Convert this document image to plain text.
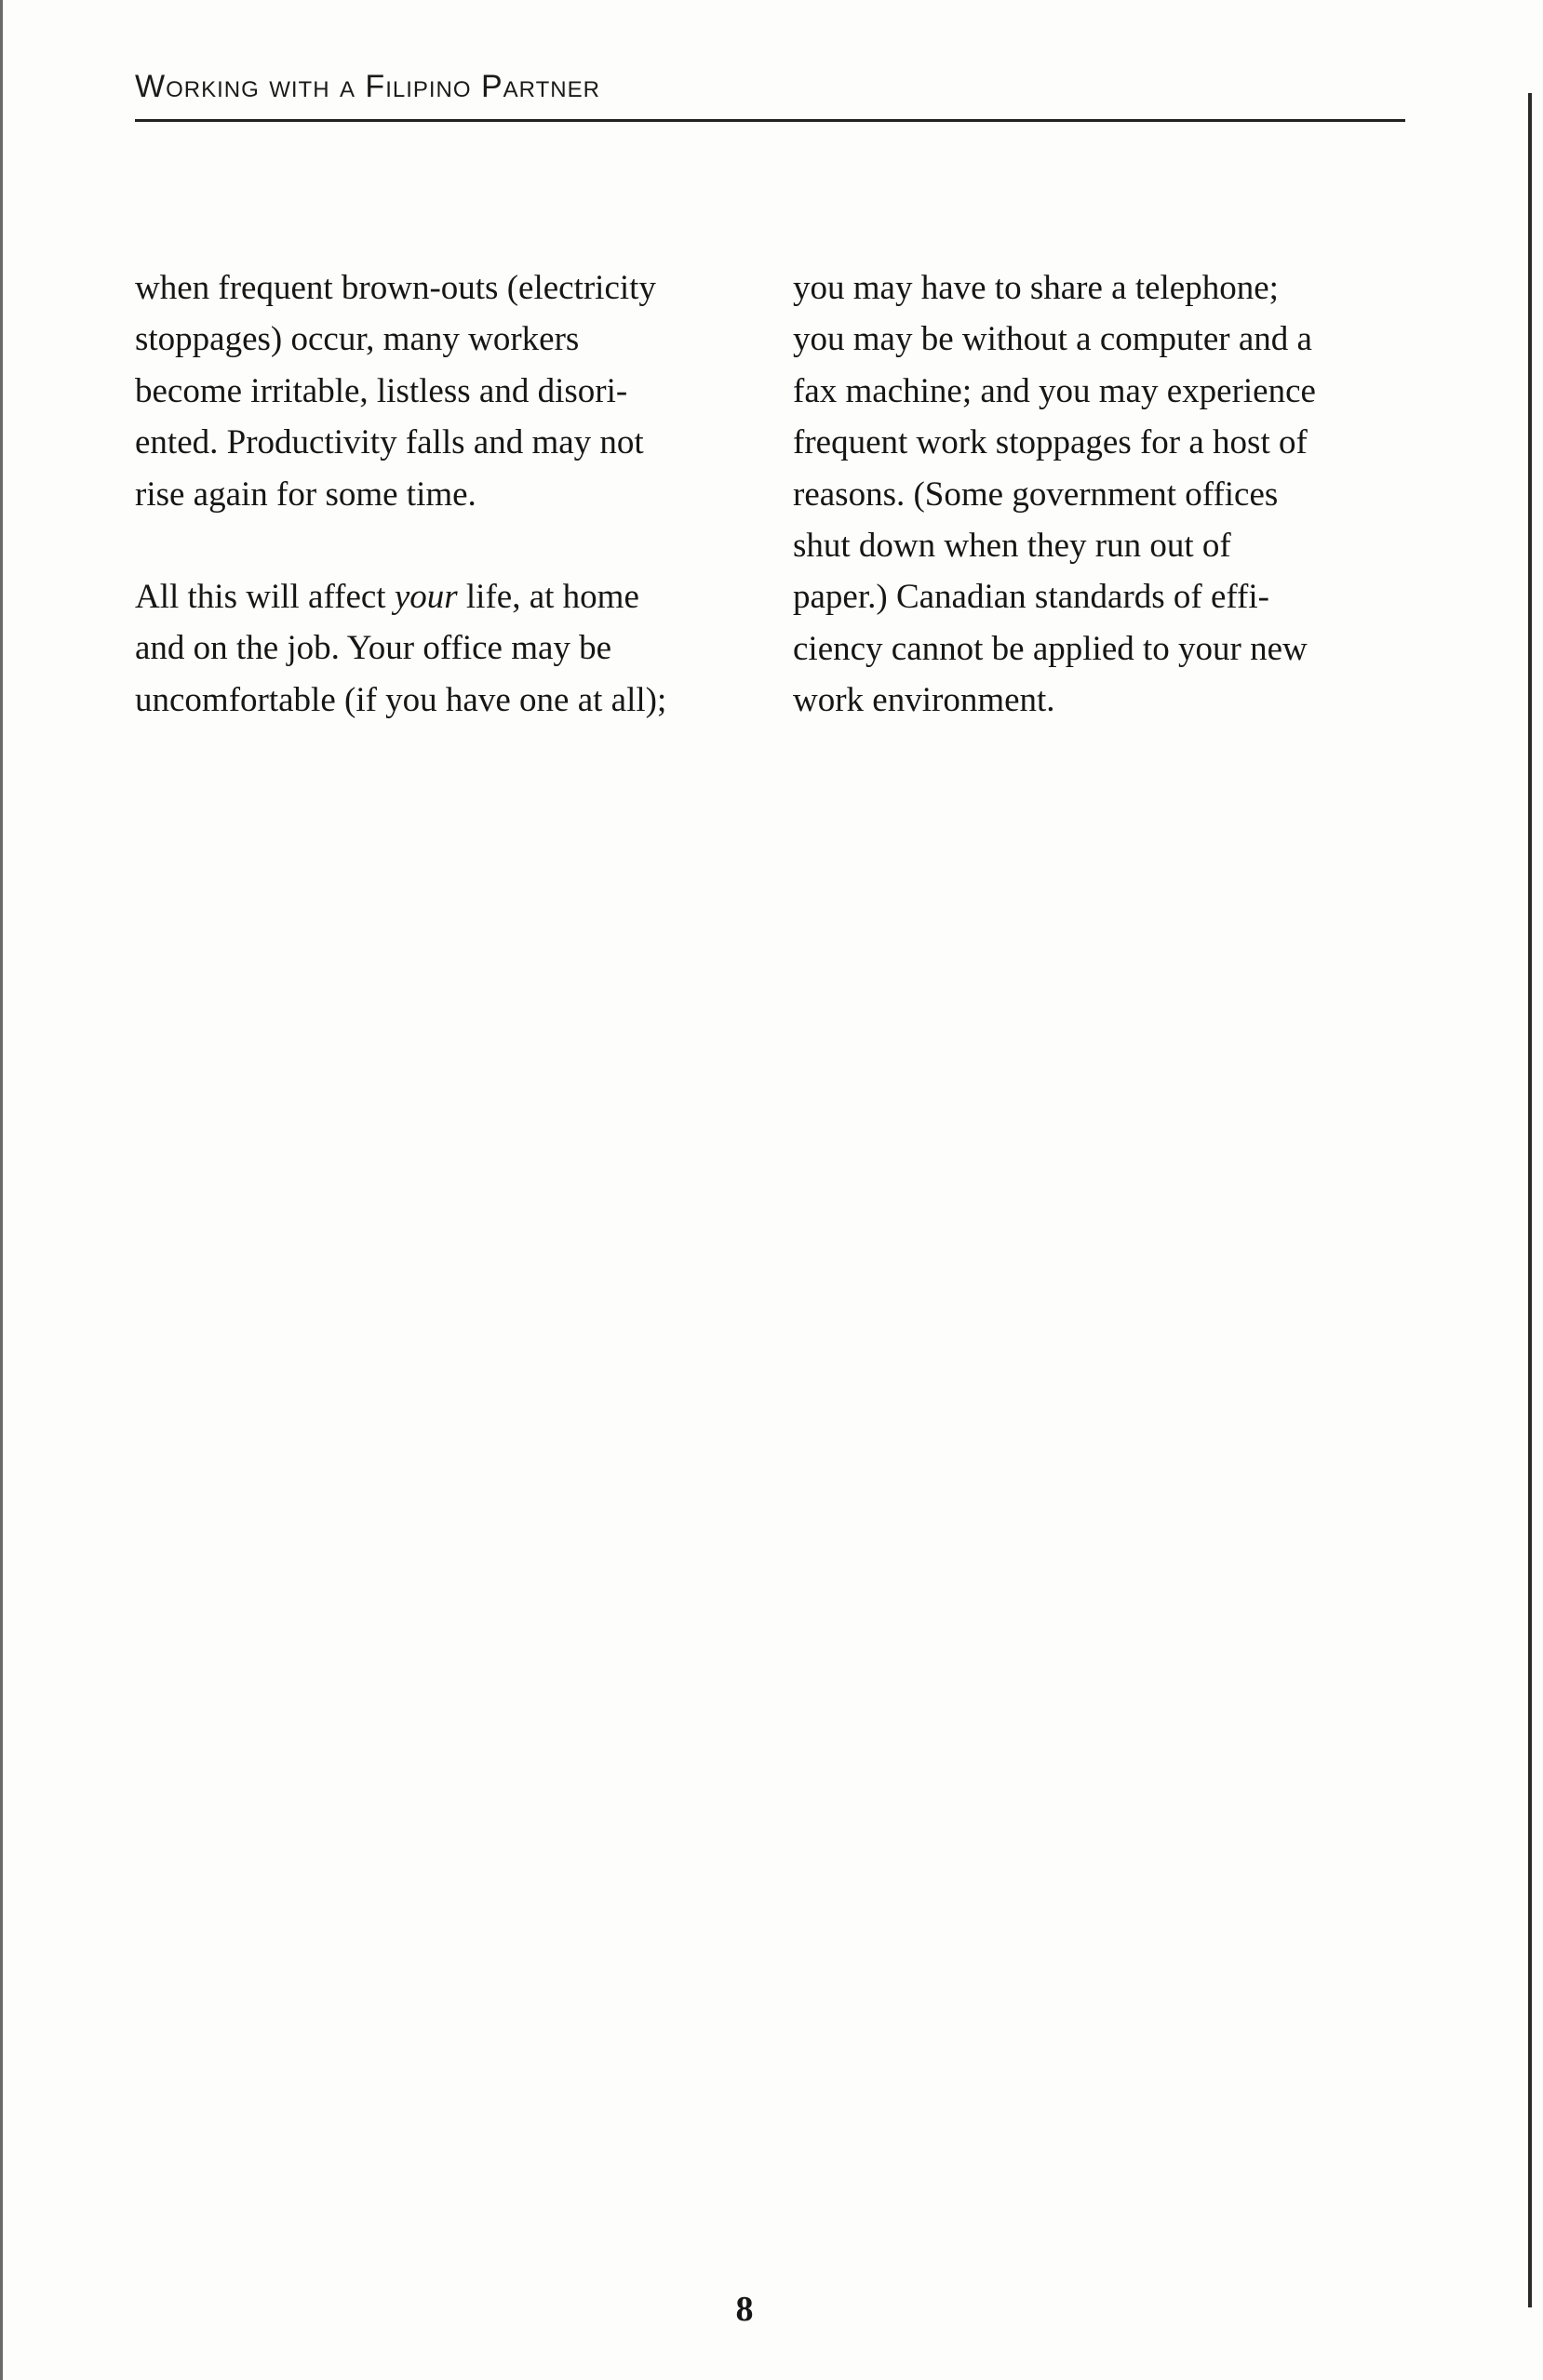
Working with a Filipino Partner

when frequent brown-outs (electricity
stoppages) occur, many workers
become irritable, listless and disori-
ented. Productivity falls and may not
rise again for some time.

All this will affect your life, at home
and on the job. Your office may be
uncomfortable (if you have one at all);

you may have to share a telephone;
you may be without a computer and a
fax machine; and you may experience
frequent work stoppages for a host of
reasons. (Some government offices
shut down when they run out of
paper.) Canadian standards of effi-
ciency cannot be applied to your new
work environment.

8
